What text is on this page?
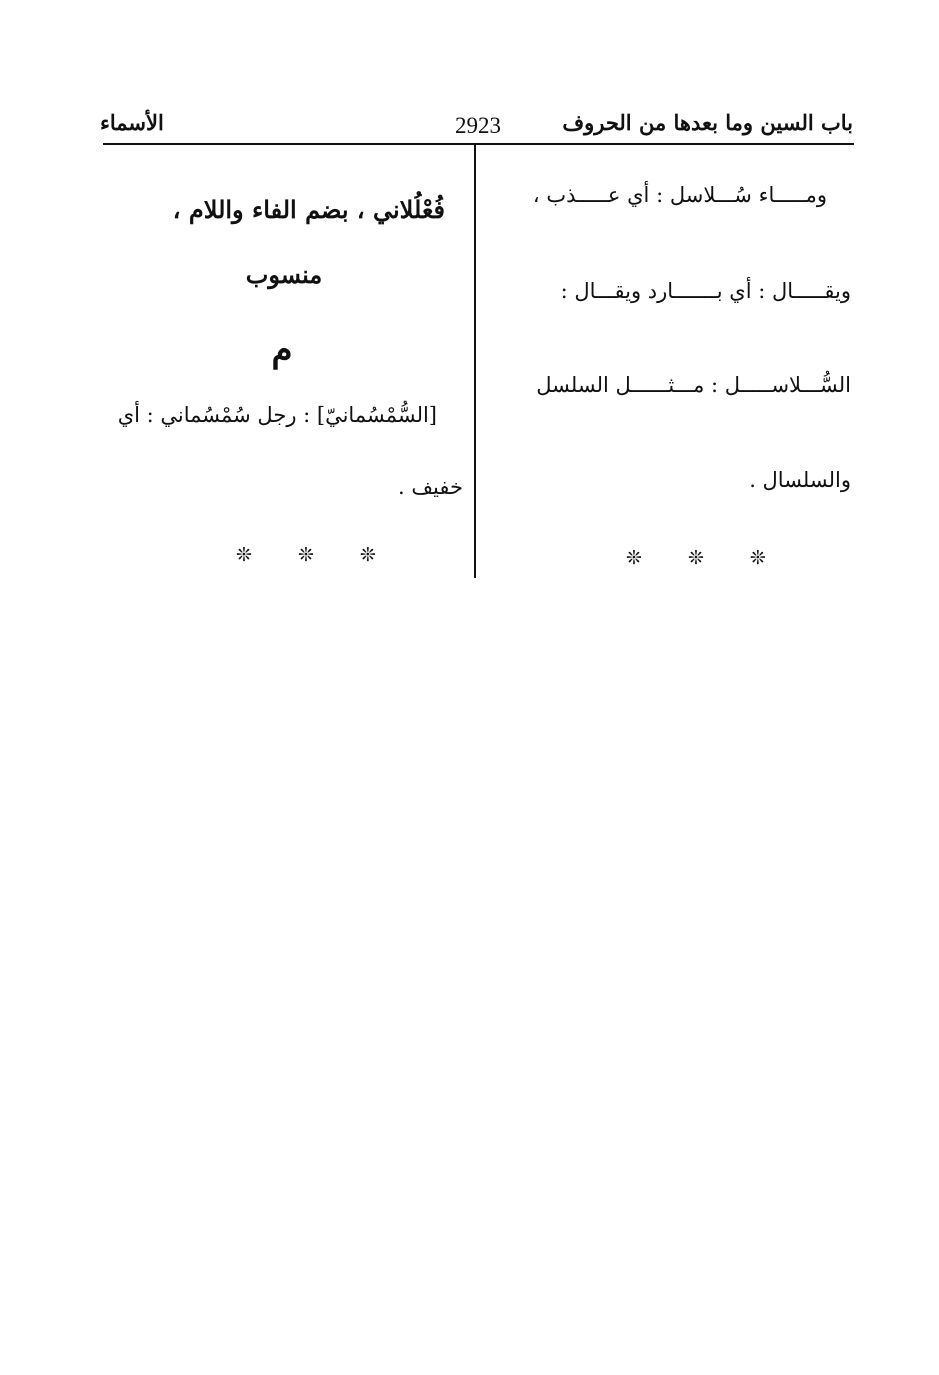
باب السين وما بعدها من الحروف
2923
الأسماء
ومـــــاء سُـــلاسل : أي عـــــذب ،
ويقـــــال : أي بـــــــارد ويقـــال :
السُّـــلاســـــل : مـــثــــــل السلسل
والسلسال .
❊ ❊ ❊
فُعْلُلاني ، بضم الفاء واللام ،
منسوب
م
[السُّمْسُمانيّ] : رجل سُمْسُماني : أي
خفيف .
❊ ❊ ❊
